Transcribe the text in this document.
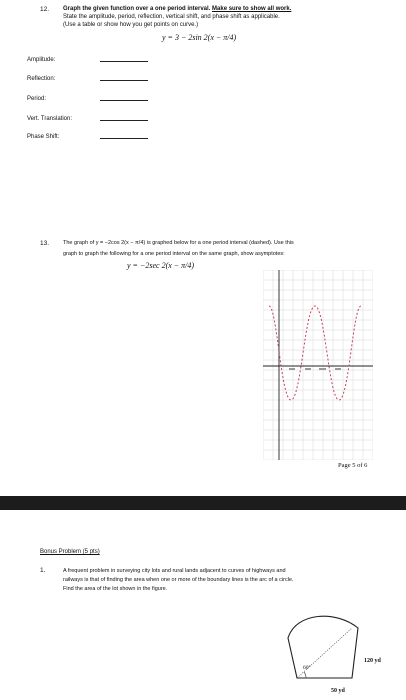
12. Graph the given function over a one period interval. Make sure to show all work.
State the amplitude, period, reflection, vertical shift, and phase shift as applicable.
(Use a table or show how you get points on curve.)
y = 3 − 2sin 2(x − π/4)
Amplitude:
Reflection:
Period:
Vert. Translation:
Phase Shift:
13.	The graph of y = −2cos 2(x − π/4) is graphed below for a one period interval (dashed). Use this
graph to graph the following for a one period interval on the same graph, show asymptotes:
y = −2sec 2(x − π/4)
Page 5 of 6
Bonus Problem (5 pts)
1.	A frequent problem in surveying city lots and rural lands adjacent to curves of highways and
railways is that of finding the area when one or more of the boundary lines is the arc of a circle.
Find the area of the lot shown in the figure.
60°
120 yd
50 yd
